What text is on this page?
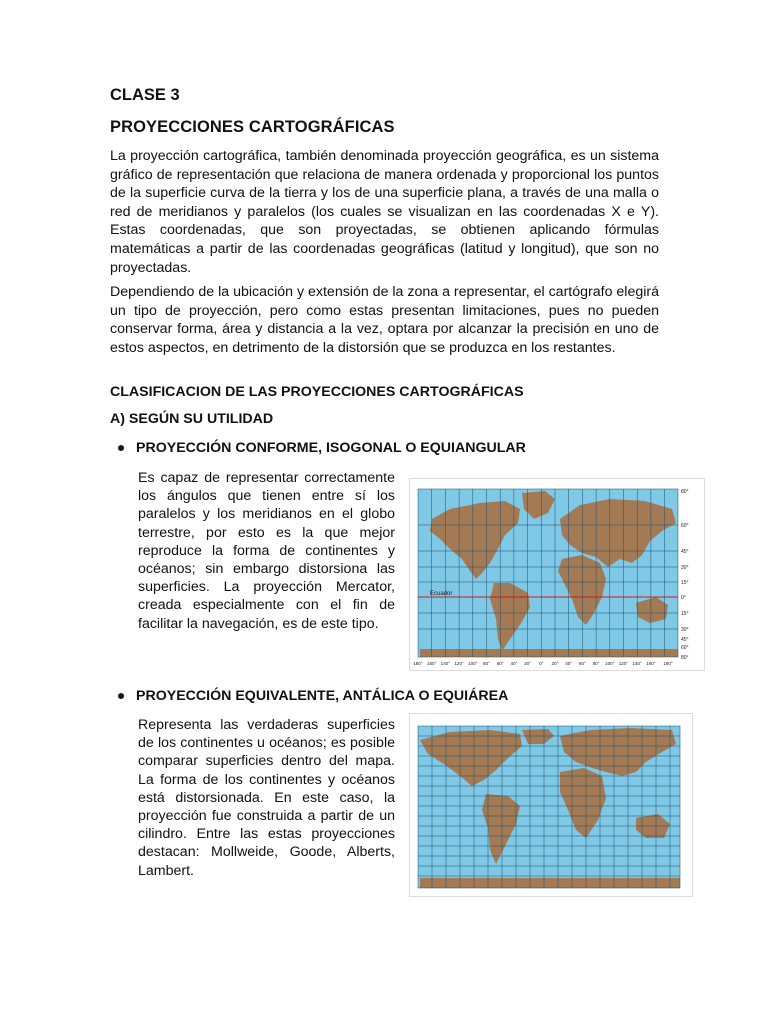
CLASE 3
PROYECCIONES CARTOGRÁFICAS

La proyección cartográfica, también denominada proyección geográfica, es un sistema gráfico de representación que relaciona de manera ordenada y proporcional los puntos de la superficie curva de la tierra y los de una superficie plana, a través de una malla o red de meridianos y paralelos (los cuales se visualizan en las coordenadas X e Y). Estas coordenadas, que son proyectadas, se obtienen aplicando fórmulas matemáticas a partir de las coordenadas geográficas (latitud y longitud), que son no proyectadas.

Dependiendo de la ubicación y extensión de la zona a representar, el cartógrafo elegirá un tipo de proyección, pero como estas presentan limitaciones, pues no pueden conservar forma, área y distancia a la vez, optara por alcanzar la precisión en uno de estos aspectos, en detrimento de la distorsión que se produzca en los restantes.

CLASIFICACION DE LAS PROYECCIONES CARTOGRÁFICAS
A) SEGÚN SU UTILIDAD
PROYECCIÓN CONFORME, ISOGONAL O EQUIANGULAR

Es capaz de representar correctamente los ángulos que tienen entre sí los paralelos y los meridianos en el globo terrestre, por esto es la que mejor reproduce la forma de continentes y océanos; sin embargo distorsiona las superficies. La proyección Mercator, creada especialmente con el fin de facilitar la navegación, es de este tipo.

Ecuador
80°
60°
45°
30°
15°
0°
15°
30°
45°
60°
80°
180° 160° 140° 120° 100° 80° 60° 40° 20° 0° 20° 40° 60° 80° 100° 120° 140° 160° 180°
PROYECCIÓN EQUIVALENTE, ANTÁLICA O EQUIÁREA

Representa las verdaderas superficies de los continentes u océanos; es posible comparar superficies dentro del mapa. La forma de los continentes y océanos está distorsionada. En este caso, la proyección fue construida a partir de un cilindro. Entre las estas proyecciones destacan: Mollweide, Goode, Alberts, Lambert.
